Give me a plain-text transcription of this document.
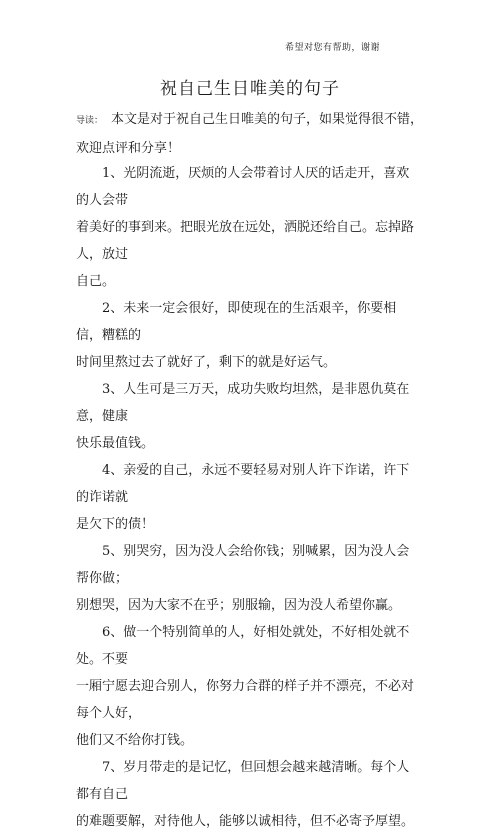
希望对您有帮助，谢谢
祝自己生日唯美的句子
导读： 本文是对于祝自己生日唯美的句子，如果觉得很不错，
欢迎点评和分享！

1、光阴流逝，厌烦的人会带着讨人厌的话走开，喜欢的人会带

着美好的事到来。把眼光放在远处，洒脱还给自己。忘掉路人，放过
自己。

2、未来一定会很好，即使现在的生活艰辛，你要相信，糟糕的

时间里熬过去了就好了，剩下的就是好运气。

3、人生可是三万天，成功失败均坦然，是非恩仇莫在意，健康

快乐最值钱。

4、亲爱的自己，永远不要轻易对别人许下诈诺，许下的诈诺就

是欠下的债！

5、别哭穷，因为没人会给你钱；别喊累，因为没人会帮你做；

别想哭，因为大家不在乎；别服输，因为没人希望你赢。

6、做一个特别简单的人，好相处就处，不好相处就不处。不要

一厢宁愿去迎合别人，你努力合群的样子并不漂亮，不必对每个人好，
他们又不给你打钱。

7、岁月带走的是记忆，但回想会越来越清晰。每个人都有自己

的难题要解，对待他人，能够以诚相待，但不必寄予厚望。
